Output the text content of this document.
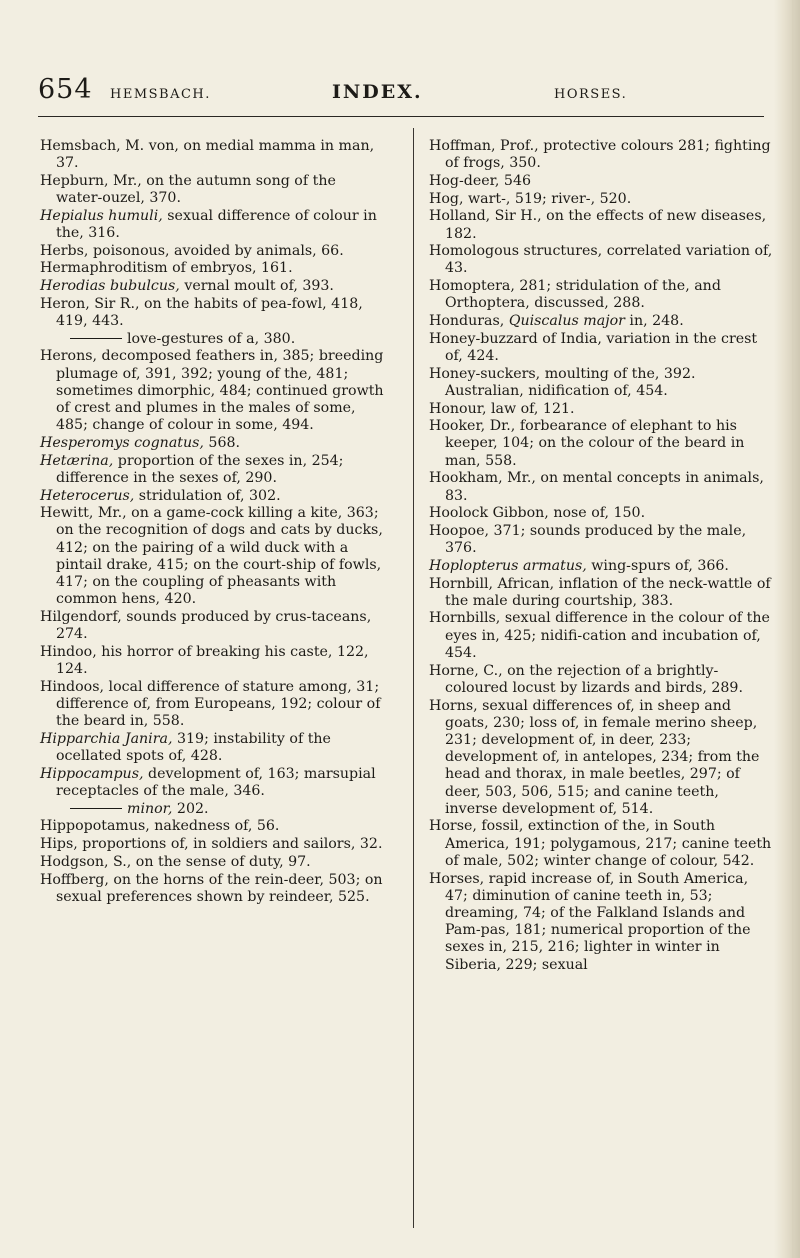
654	HEMSBACH.	INDEX.	HORSES.
Hemsbach, M. von, on medial mamma in man, 37.
Hepburn, Mr., on the autumn song of the water-ouzel, 370.
Hepialus humuli, sexual difference of colour in the, 316.
Herbs, poisonous, avoided by animals, 66.
Hermaphroditism of embryos, 161.
Herodias bubulcus, vernal moult of, 393.
Heron, Sir R., on the habits of pea-fowl, 418, 419, 443.
love-gestures of a, 380.
Herons, decomposed feathers in, 385; breeding plumage of, 391, 392; young of the, 481; sometimes dimorphic, 484; continued growth of crest and plumes in the males of some, 485; change of colour in some, 494.
Hesperomys cognatus, 568.
Hetærina, proportion of the sexes in, 254; difference in the sexes of, 290.
Heterocerus, stridulation of, 302.
Hewitt, Mr., on a game-cock killing a kite, 363; on the recognition of dogs and cats by ducks, 412; on the pairing of a wild duck with a pintail drake, 415; on the court-ship of fowls, 417; on the coupling of pheasants with common hens, 420.
Hilgendorf, sounds produced by crus-taceans, 274.
Hindoo, his horror of breaking his caste, 122, 124.
Hindoos, local difference of stature among, 31; difference of, from Europeans, 192; colour of the beard in, 558.
Hipparchia Janira, 319; instability of the ocellated spots of, 428.
Hippocampus, development of, 163; marsupial receptacles of the male, 346.
minor, 202.
Hippopotamus, nakedness of, 56.
Hips, proportions of, in soldiers and sailors, 32.
Hodgson, S., on the sense of duty, 97.
Hoffberg, on the horns of the rein-deer, 503; on sexual preferences shown by reindeer, 525.
Hoffman, Prof., protective colours 281; fighting of frogs, 350.
Hog-deer, 546
Hog, wart-, 519; river-, 520.
Holland, Sir H., on the effects of new diseases, 182.
Homologous structures, correlated variation of, 43.
Homoptera, 281; stridulation of the, and Orthoptera, discussed, 288.
Honduras, Quiscalus major in, 248.
Honey-buzzard of India, variation in the crest of, 424.
Honey-suckers, moulting of the, 392. Australian, nidification of, 454.
Honour, law of, 121.
Hooker, Dr., forbearance of elephant to his keeper, 104; on the colour of the beard in man, 558.
Hookham, Mr., on mental concepts in animals, 83.
Hoolock Gibbon, nose of, 150.
Hoopoe, 371; sounds produced by the male, 376.
Hoplopterus armatus, wing-spurs of, 366.
Hornbill, African, inflation of the neck-wattle of the male during courtship, 383.
Hornbills, sexual difference in the colour of the eyes in, 425; nidifi-cation and incubation of, 454.
Horne, C., on the rejection of a brightly-coloured locust by lizards and birds, 289.
Horns, sexual differences of, in sheep and goats, 230; loss of, in female merino sheep, 231; development of, in deer, 233; development of, in antelopes, 234; from the head and thorax, in male beetles, 297; of deer, 503, 506, 515; and canine teeth, inverse development of, 514.
Horse, fossil, extinction of the, in South America, 191; polygamous, 217; canine teeth of male, 502; winter change of colour, 542.
Horses, rapid increase of, in South America, 47; diminution of canine teeth in, 53; dreaming, 74; of the Falkland Islands and Pam-pas, 181; numerical proportion of the sexes in, 215, 216; lighter in winter in Siberia, 229; sexual
